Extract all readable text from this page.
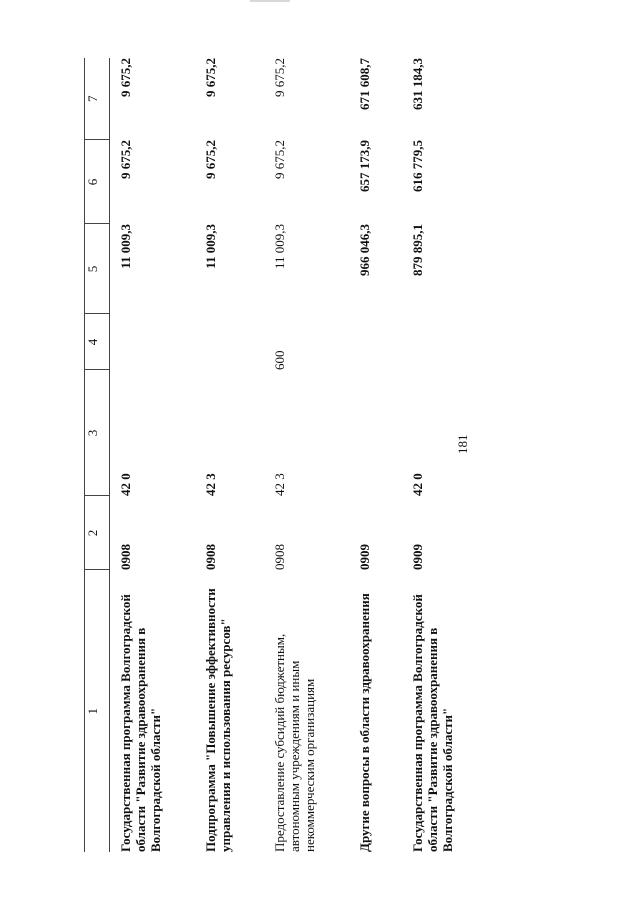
181
1	2	3	4	5	6	7
Государственная программа Волгоградской области "Развитие здравоохранения в Волгоградской области"	0908	42 0		11 009,3	9 675,2	9 675,2
Подпрограмма "Повышение эффективности управления и использования ресурсов"	0908	42 3		11 009,3	9 675,2	9 675,2
Предоставление субсидий бюджетным, автономным учреждениям и иным некоммерческим организациям	0908	42 3	600	11 009,3	9 675,2	9 675,2
Другие вопросы в области здравоохранения	0909			966 046,3	657 173,9	671 608,7
Государственная программа Волгоградской области "Развитие здравоохранения в Волгоградской области"	0909	42 0		879 895,1	616 779,5	631 184,3
